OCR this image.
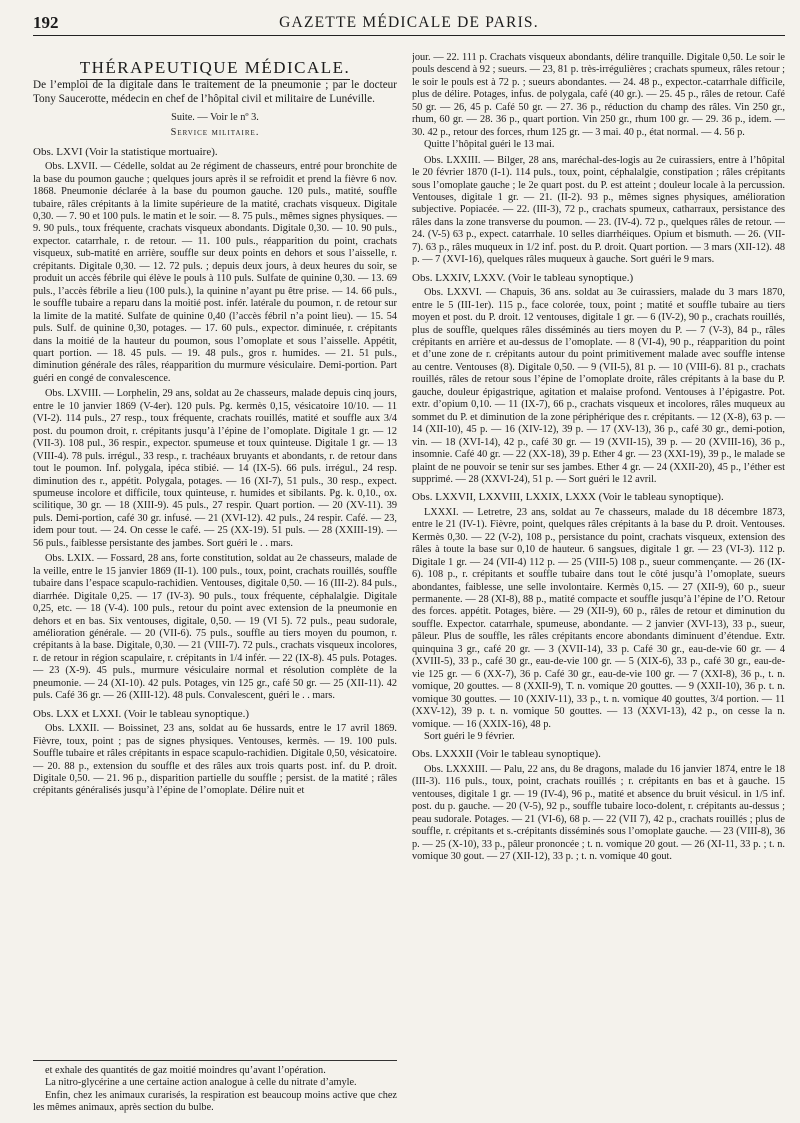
192	GAZETTE MÉDICALE DE PARIS.
THÉRAPEUTIQUE MÉDICALE.

De l’emploi de la digitale dans le traitement de la pneumonie ; par le docteur Tony Saucerotte, médecin en chef de l’hôpital civil et militaire de Lunéville.

Suite. — Voir le nº 3.

Service militaire.

Obs. LXVI (Voir la statistique mortuaire).

Obs. LXVII. — Cédelle, soldat au 2e régiment de chasseurs, entré pour bronchite de la base du poumon gauche ; quelques jours après il se refroidit et prend la fièvre 6 nov. 1868. Pneumonie déclarée à la base du poumon gauche. 120 puls., matité, souffle tubaire, râles crépitants à la limite supérieure de la matité, crachats visqueux. Digitale 0,30. — 7. 90 et 100 puls. le matin et le soir. — 8. 75 puls., mêmes signes physiques. — 9. 90 puls., toux fréquente, crachats visqueux abondants. Digitale 0,30. — 10. 90 puls., expector. catarrhale, r. de retour. — 11. 100 puls., réapparition du point, crachats visqueux, sub-matité en arrière, souffle sur deux points en dehors et sous l’aisselle, r. crépitants. Digitale 0,30. — 12. 72 puls. ; depuis deux jours, à deux heures du soir, se produit un accès fébrile qui élève le pouls à 110 puls. Sulfate de quinine 0,30. — 13. 69 puls., l’accès fébrile a lieu (100 puls.), la quinine n’ayant pu être prise. — 14. 66 puls., le souffle tubaire a reparu dans la moitié post. infér. latérale du poumon, r. de retour sur la limite de la matité. Sulfate de quinine 0,40 (l’accès fébril n’a point lieu). — 15. 54 puls. Sulf. de quinine 0,30, potages. — 17. 60 puls., expector. diminuée, r. crépitants dans la moitié de la hauteur du poumon, sous l’omoplate et sous l’aisselle. Appétit, quart portion. — 18. 45 puls. — 19. 48 puls., gros r. humides. — 21. 51 puls., diminution générale des râles, réapparition du murmure vésiculaire. Demi-portion. Part guéri en congé de convalescence.

Obs. LXVIII. — Lorphelin, 29 ans, soldat au 2e chasseurs, malade depuis cinq jours, entre le 10 janvier 1869 (V-4er). 120 puls. Pg. kermès 0,15, vésicatoire 10/10. — 11 (VI-2). 114 puls., 27 resp., toux fréquente, crachats rouillés, matité et souffle aux 3/4 post. du poumon droit, r. crépitants jusqu’à l’épine de l’omoplate. Digitale 1 gr. — 12 (VII-3). 108 pul., 36 respir., expector. spumeuse et toux quinteuse. Digitale 1 gr. — 13 (VIII-4). 78 puls. irrégul., 33 resp., r. trachéaux bruyants et abondants, r. de retour dans tout le poumon. Inf. polygala, ipéca stibié. — 14 (IX-5). 66 puls. irrégul., 24 resp. diminution des r., appétit. Polygala, potages. — 16 (XI-7), 51 puls., 30 resp., expect. spumeuse incolore et difficile, toux quinteuse, r. humides et sibilants. Pg. k. 0,10., ox. scilitique, 30 gr. — 18 (XIII-9). 45 puls., 27 respir. Quart portion. — 20 (XV-11). 39 puls. Demi-portion, café 30 gr. infusé. — 21 (XVI-12). 42 puls., 24 respir. Café. — 23, idem pour tout. — 24. On cesse le café. — 25 (XX-19). 51 puls. — 28 (XXIII-19). — 56 puls., faiblesse persistante des jambes. Sort guéri le . . mars.

Obs. LXIX. — Fossard, 28 ans, forte constitution, soldat au 2e chasseurs, malade de la veille, entre le 15 janvier 1869 (II-1). 100 puls., toux, point, crachats rouillés, souffle tubaire dans l’espace scapulo-rachidien. Ventouses, digitale 0,50. — 16 (III-2). 84 puls., diarrhée. Digitale 0,25. — 17 (IV-3). 90 puls., toux fréquente, céphalalgie. Digitale 0,25, etc. — 18 (V-4). 100 puls., retour du point avec extension de la pneumonie en dehors et en bas. Six ventouses, digitale, 0,50. — 19 (VI 5). 72 puls., peau sudorale, amélioration générale. — 20 (VII-6). 75 puls., souffle au tiers moyen du poumon, r. crépitants à la base. Digitale, 0,30. — 21 (VIII-7). 72 puls., crachats visqueux incolores, r. de retour in région scapulaire, r. crépitants in 1/4 infér. — 22 (IX-8). 45 puls. Potages. — 23 (X-9). 45 puls., murmure vésiculaire normal et résolution complète de la pneumonie. — 24 (XI-10). 42 puls. Potages, vin 125 gr., café 50 gr. — 25 (XII-11). 42 puls. Café 36 gr. — 26 (XIII-12). 48 puls. Convalescent, guéri le . . mars.

Obs. LXX et LXXI. (Voir le tableau synoptique.)

Obs. LXXII. — Boissinet, 23 ans, soldat au 6e hussards, entre le 17 avril 1869. Fièvre, toux, point ; pas de signes physiques. Ventouses, kermès. — 19. 100 puls. Souffle tubaire et râles crépitants in espace scapulo-rachidien. Digitale 0,50, vésicatoire. — 20. 88 p., extension du souffle et des râles aux trois quarts post. inf. du P. droit. Digitale 0,50. — 21. 96 p., disparition partielle du souffle ; persist. de la matité ; râles crépitants généralisés jusqu’à l’épine de l’omoplate. Délire nuit et

et exhale des quantités de gaz moitié moindres qu’avant l’opération.

La nitro-glycérine a une certaine action analogue à celle du nitrate d’amyle.

Enfin, chez les animaux curarisés, la respiration est beaucoup moins active que chez les mêmes animaux, après section du bulbe.

jour. — 22. 111 p. Crachats visqueux abondants, délire tranquille. Digitale 0,50. Le soir le pouls descend à 92 ; sueurs. — 23, 81 p. très-irrégulières ; crachats spumeux, râles retour ; le soir le pouls est à 72 p. ; sueurs abondantes. — 24. 48 p., expector.-catarrhale difficile, plus de délire. Potages, infus. de polygala, café (40 gr.). — 25. 45 p., râles de retour. Café 50 gr. — 26, 45 p. Café 50 gr. — 27. 36 p., réduction du champ des râles. Vin 250 gr., rhum, 60 gr. — 28. 36 p., quart portion. Vin 250 gr., rhum 100 gr. — 29. 36 p., idem. — 30. 42 p., retour des forces, rhum 125 gr. — 3 mai. 40 p., état normal. — 4. 56 p.

Quitte l’hôpital guéri le 13 mai.

Obs. LXXIII. — Bilger, 28 ans, maréchal-des-logis au 2e cuirassiers, entre à l’hôpital le 20 février 1870 (I-1). 114 puls., toux, point, céphalalgie, constipation ; râles crépitants sous l’omoplate gauche ; le 2e quart post. du P. est atteint ; douleur locale à la percussion. Ventouses, digitale 1 gr. — 21. (II-2). 93 p., mêmes signes physiques, amélioration subjective. Popiacée. — 22. (III-3), 72 p., crachats spumeux, catharraux, persistance des râles dans la zone transverse du poumon. — 23. (IV-4). 72 p., quelques râles de retour. — 24. (V-5) 63 p., expect. catarrhale. 10 selles diarrhéiques. Opium et bismuth. — 26. (VII-7). 63 p., râles muqueux in 1/2 inf. post. du P. droit. Quart portion. — 3 mars (XII-12). 48 p. — 7 (XVI-16), quelques râles muqueux à gauche. Sort guéri le 9 mars.

Obs. LXXIV, LXXV. (Voir le tableau synoptique.)

Obs. LXXVI. — Chapuis, 36 ans. soldat au 3e cuirassiers, malade du 3 mars 1870, entre le 5 (III-1er). 115 p., face colorée, toux, point ; matité et souffle tubaire au tiers moyen et post. du P. droit. 12 ventouses, digitale 1 gr. — 6 (IV-2), 90 p., crachats rouillés, plus de souffle, quelques râles disséminés au tiers moyen du P. — 7 (V-3), 84 p., râles crépitants en arrière et au-dessus de l’omoplate. — 8 (VI-4), 90 p., réapparition du point et d’une zone de r. crépitants autour du point primitivement malade avec souffle intense au centre. Ventouses (8). Digitale 0,50. — 9 (VII-5), 81 p. — 10 (VIII-6). 81 p., crachats rouillés, râles de retour sous l’épine de l’omoplate droite, râles crépitants à la base du P. gauche, douleur épigastrique, agitation et malaise profond. Ventouses à l’épigastre. Pot. extr. d’opium 0,10. — 11 (IX-7), 66 p., crachats visqueux et incolores, râles muqueux au sommet du P. et diminution de la zone périphérique des r. crépitants. — 12 (X-8), 63 p. — 14 (XII-10), 45 p. — 16 (XIV-12), 39 p. — 17 (XV-13), 36 p., café 30 gr., demi-potion, vin. — 18 (XVI-14), 42 p., café 30 gr. — 19 (XVII-15), 39 p. — 20 (XVIII-16), 36 p., insomnie. Café 40 gr. — 22 (XX-18), 39 p. Ether 4 gr. — 23 (XXI-19), 39 p., le malade se plaint de ne pouvoir se tenir sur ses jambes. Ether 4 gr. — 24 (XXII-20), 45 p., l’éther est supprimé. — 28 (XXVI-24), 51 p. — Sort guéri le 12 avril.

Obs. LXXVII, LXXVIII, LXXIX, LXXX (Voir le tableau synoptique).

LXXXI. — Letretre, 23 ans, soldat au 7e chasseurs, malade du 18 décembre 1873, entre le 21 (IV-1). Fièvre, point, quelques râles crépitants à la base du P. droit. Ventouses. Kermès 0,30. — 22 (V-2), 108 p., persistance du point, crachats visqueux, extension des râles à toute la base sur 0,10 de hauteur. 6 sangsues, digitale 1 gr. — 23 (VI-3). 112 p. Digitale 1 gr. — 24 (VII-4) 112 p. — 25 (VIII-5) 108 p., sueur commençante. — 26 (IX-6). 108 p., r. crépitants et souffle tubaire dans tout le côté jusqu’à l’omoplate, sueurs abondantes, faiblesse, une selle involontaire. Kermès 0,15. — 27 (XII-9), 60 p., sueur permanente. — 28 (XI-8), 88 p., matité compacte et souffle jusqu’à l’épine de l’O. Retour des forces. appétit. Potages, bière. — 29 (XII-9), 60 p., râles de retour et diminution du souffle. Expector. catarrhale, spumeuse, abondante. — 2 janvier (XVI-13), 33 p., sueur, pâleur. Plus de souffle, les râles crépitants encore abondants diminuent d’étendue. Extr. quinquina 3 gr., café 20 gr. — 3 (XVII-14), 33 p. Café 30 gr., eau-de-vie 60 gr. — 4 (XVIII-5), 33 p., café 30 gr., eau-de-vie 100 gr. — 5 (XIX-6), 33 p., café 30 gr., eau-de-vie 125 gr. — 6 (XX-7), 36 p. Café 30 gr., eau-de-vie 100 gr. — 7 (XXI-8), 36 p., t. n. vomique, 20 gouttes. — 8 (XXII-9), T. n. vomique 20 gouttes. — 9 (XXII-10), 36 p. t. n. vomique 30 gouttes. — 10 (XXIV-11), 33 p., t. n. vomique 40 gouttes, 3/4 portion. — 11 (XXV-12), 39 p. t. n. vomique 50 gouttes. — 13 (XXVI-13), 42 p., on cesse la n. vomique. — 16 (XXIX-16), 48 p.

Sort guéri le 9 février.

Obs. LXXXII (Voir le tableau synoptique).

Obs. LXXXIII. — Palu, 22 ans, du 8e dragons, malade du 16 janvier 1874, entre le 18 (III-3). 116 puls., toux, point, crachats rouillés ; r. crépitants en bas et à gauche. 15 ventouses, digitale 1 gr. — 19 (IV-4), 96 p., matité et absence du bruit vésicul. in 1/5 inf. post. du p. gauche. — 20 (V-5), 92 p., souffle tubaire loco-dolent, r. crépitants au-dessus ; peau sudorale. Potages. — 21 (VI-6), 68 p. — 22 (VII 7), 42 p., crachats rouillés ; plus de souffle, r. crépitants et s.-crépitants disséminés sous l’omoplate gauche. — 23 (VIII-8), 36 p. — 25 (X-10), 33 p., pâleur prononcée ; t. n. vomique 20 gout. — 26 (XI-11, 33 p. ; t. n. vomique 30 gout. — 27 (XII-12), 33 p. ; t. n. vomique 40 gout.
